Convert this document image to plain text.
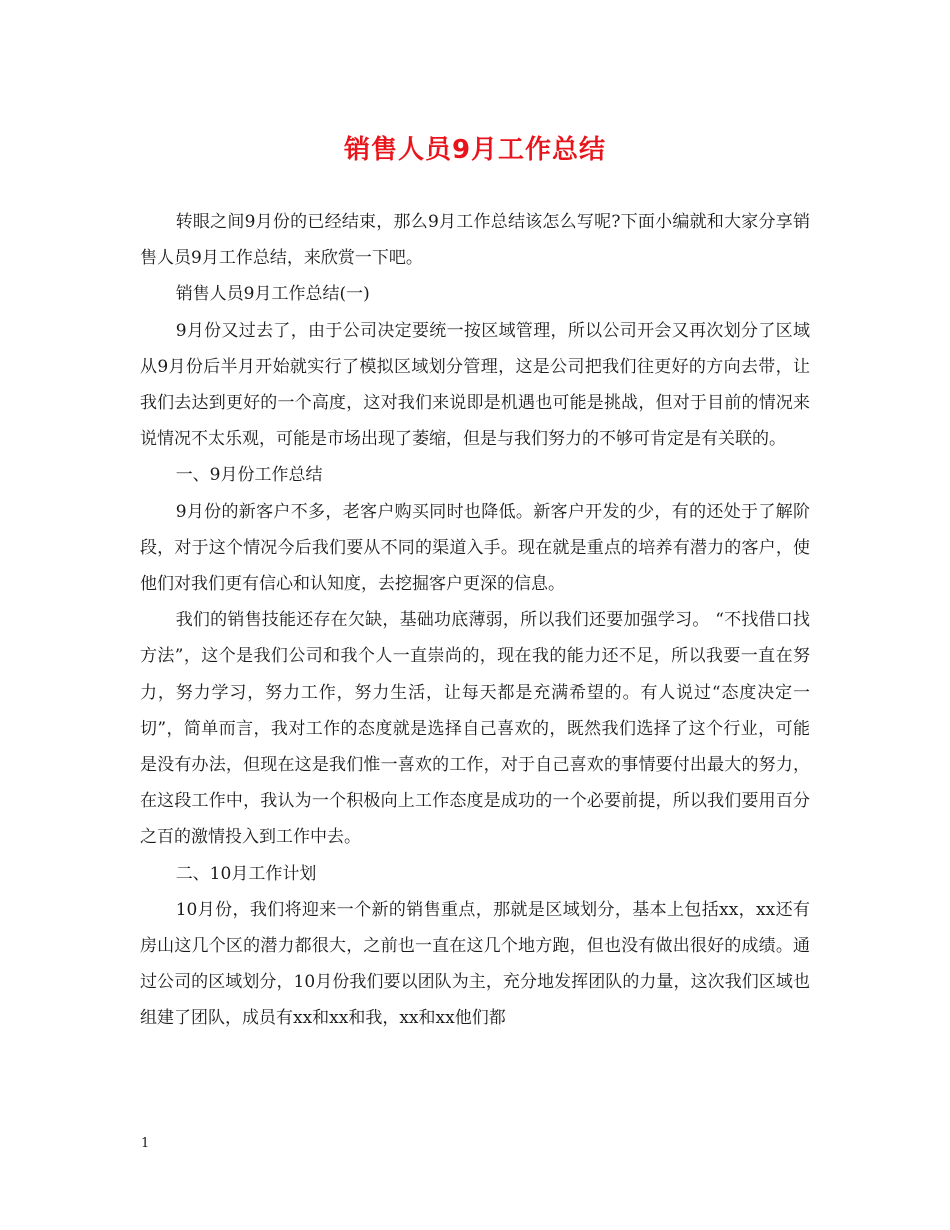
销售人员9月工作总结

转眼之间9月份的已经结束，那么9月工作总结该怎么写呢?下面小编就和大家分享销售人员9月工作总结，来欣赏一下吧。

销售人员9月工作总结(一)

9月份又过去了，由于公司决定要统一按区域管理，所以公司开会又再次划分了区域从9月份后半月开始就实行了模拟区域划分管理，这是公司把我们往更好的方向去带，让我们去达到更好的一个高度，这对我们来说即是机遇也可能是挑战，但对于目前的情况来说情况不太乐观，可能是市场出现了萎缩，但是与我们努力的不够可肯定是有关联的。

一、9月份工作总结

9月份的新客户不多，老客户购买同时也降低。新客户开发的少，有的还处于了解阶段，对于这个情况今后我们要从不同的渠道入手。现在就是重点的培养有潜力的客户，使他们对我们更有信心和认知度，去挖掘客户更深的信息。

我们的销售技能还存在欠缺，基础功底薄弱，所以我们还要加强学习。 “不找借口找方法”，这个是我们公司和我个人一直崇尚的，现在我的能力还不足，所以我要一直在努力，努力学习，努力工作，努力生活，让每天都是充满希望的。有人说过“态度决定一切”，简单而言，我对工作的态度就是选择自己喜欢的，既然我们选择了这个行业，可能是没有办法，但现在这是我们惟一喜欢的工作，对于自己喜欢的事情要付出最大的努力，在这段工作中，我认为一个积极向上工作态度是成功的一个必要前提，所以我们要用百分之百的激情投入到工作中去。

二、10月工作计划

10月份，我们将迎来一个新的销售重点，那就是区域划分，基本上包括xx，xx还有房山这几个区的潜力都很大，之前也一直在这几个地方跑，但也没有做出很好的成绩。通过公司的区域划分，10月份我们要以团队为主，充分地发挥团队的力量，这次我们区域也组建了团队，成员有xx和xx和我，xx和xx他们都

1
